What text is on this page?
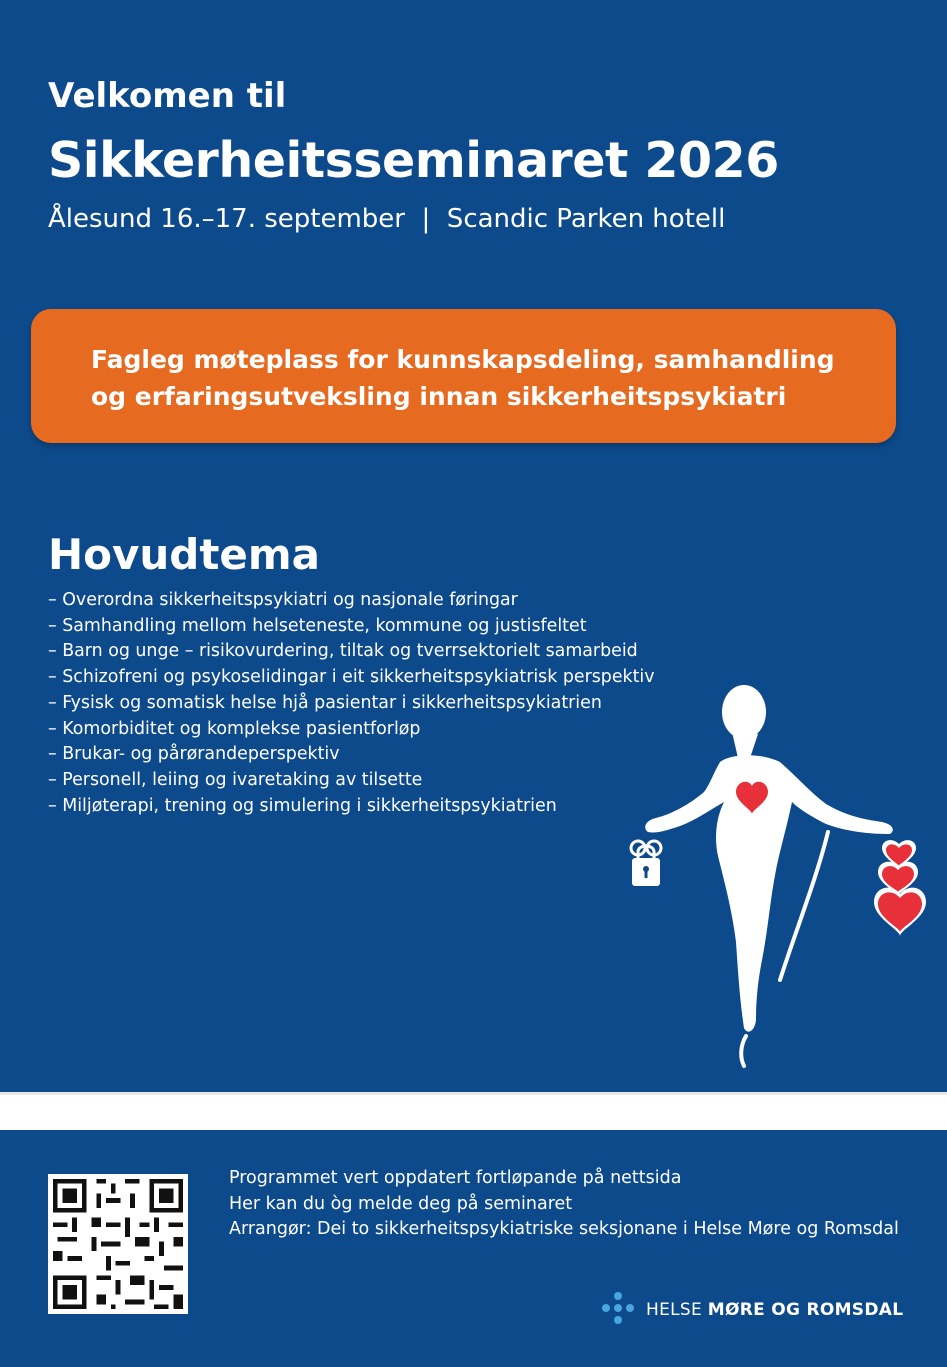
Velkomen til
Sikkerheitsseminaret 2026
Ålesund 16.–17. september  |  Scandic Parken hotell
Fagleg møteplass for kunnskapsdeling, samhandling og erfaringsutveksling innan sikkerheitspsykiatri
Hovudtema
– Overordna sikkerheitspsykiatri og nasjonale føringar
– Samhandling mellom helseteneste, kommune og justisfeltet
– Barn og unge – risikovurdering, tiltak og tverrsektorielt samarbeid
– Schizofreni og psykoselidingar i eit sikkerheitspsykiatrisk perspektiv
– Fysisk og somatisk helse hjå pasientar i sikkerheitspsykiatrien
– Komorbiditet og komplekse pasientforløp
– Brukar- og pårørandeperspektiv
– Personell, leiing og ivaretaking av tilsette
– Miljøterapi, trening og simulering i sikkerheitspsykiatrien
Programmet vert oppdatert fortløpande på nettsida
Her kan du òg melde deg på seminaret
Arrangør: Dei to sikkerheitspsykiatriske seksjonane i Helse Møre og Romsdal
HELSE MØRE OG ROMSDAL
